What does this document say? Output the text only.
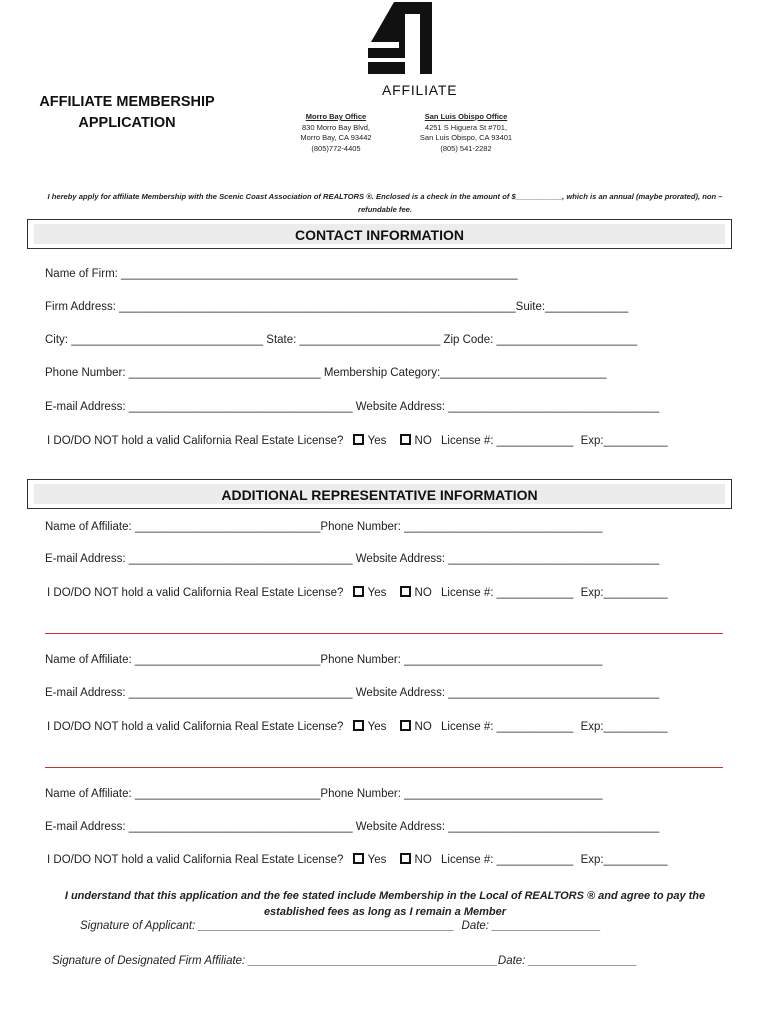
AFFILIATE MEMBERSHIP
APPLICATION
AFFILIATE
Morro Bay Office
830 Morro Bay Blvd,
Morro Bay, CA 93442
(805)772-4405
San Luis Obispo Office
4251 S Higuera St #701,
San Luis Obispo, CA 93401
(805) 541-2282
I hereby apply for affiliate Membership with the Scenic Coast Association of REALTORS ®. Enclosed is a check in the amount of $___________, which is an annual (maybe prorated), non –
refundable fee.
CONTACT INFORMATION
Name of Firm: ______________________________________________________________
Firm Address: ______________________________________________________________Suite:_____________
City: ______________________________ State: ______________________ Zip Code: ______________________
Phone Number: ______________________________ Membership Category:__________________________
E-mail Address: ___________________________________ Website Address: _________________________________
I DO/DO NOT hold a valid California Real Estate License? Yes NO License #: ____________ Exp:__________
ADDITIONAL REPRESENTATIVE INFORMATION
Name of Affiliate: _____________________________Phone Number: _______________________________
E-mail Address: ___________________________________ Website Address: _________________________________
I DO/DO NOT hold a valid California Real Estate License? Yes NO License #: ____________ Exp:__________
Name of Affiliate: _____________________________Phone Number: _______________________________
E-mail Address: ___________________________________ Website Address: _________________________________
I DO/DO NOT hold a valid California Real Estate License? Yes NO License #: ____________ Exp:__________
Name of Affiliate: _____________________________Phone Number: _______________________________
E-mail Address: ___________________________________ Website Address: _________________________________
I DO/DO NOT hold a valid California Real Estate License? Yes NO License #: ____________ Exp:__________
I understand that this application and the fee stated include Membership in the Local of REALTORS ® and agree to pay the
established fees as long as I remain a Member
Signature of Applicant: ________________________________________ Date: _________________
Signature of Designated Firm Affiliate: _______________________________________Date: _________________
